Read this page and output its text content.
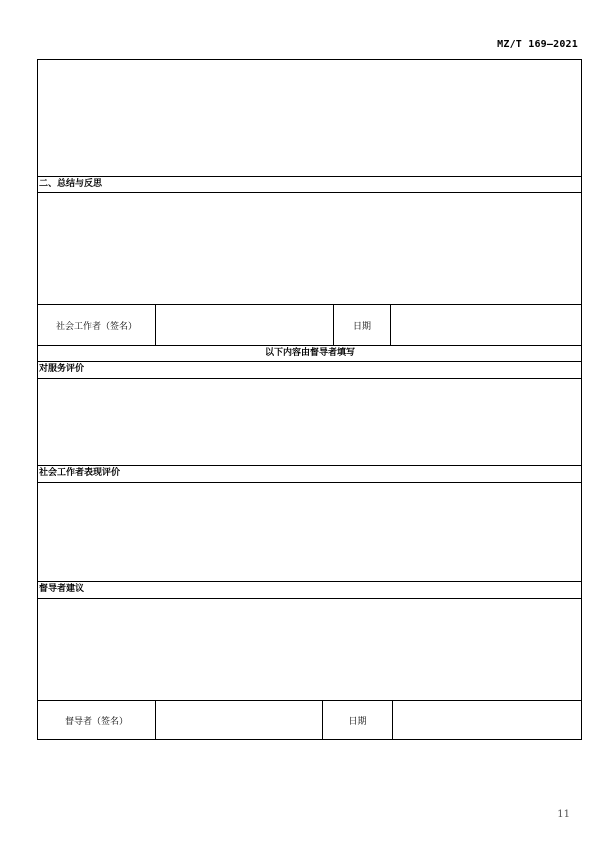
MZ/T 169—2021
二、总结与反思
社会工作者（签名）	日期
以下内容由督导者填写
对服务评价
社会工作者表现评价
督导者建议
督导者（签名）	日期
11
